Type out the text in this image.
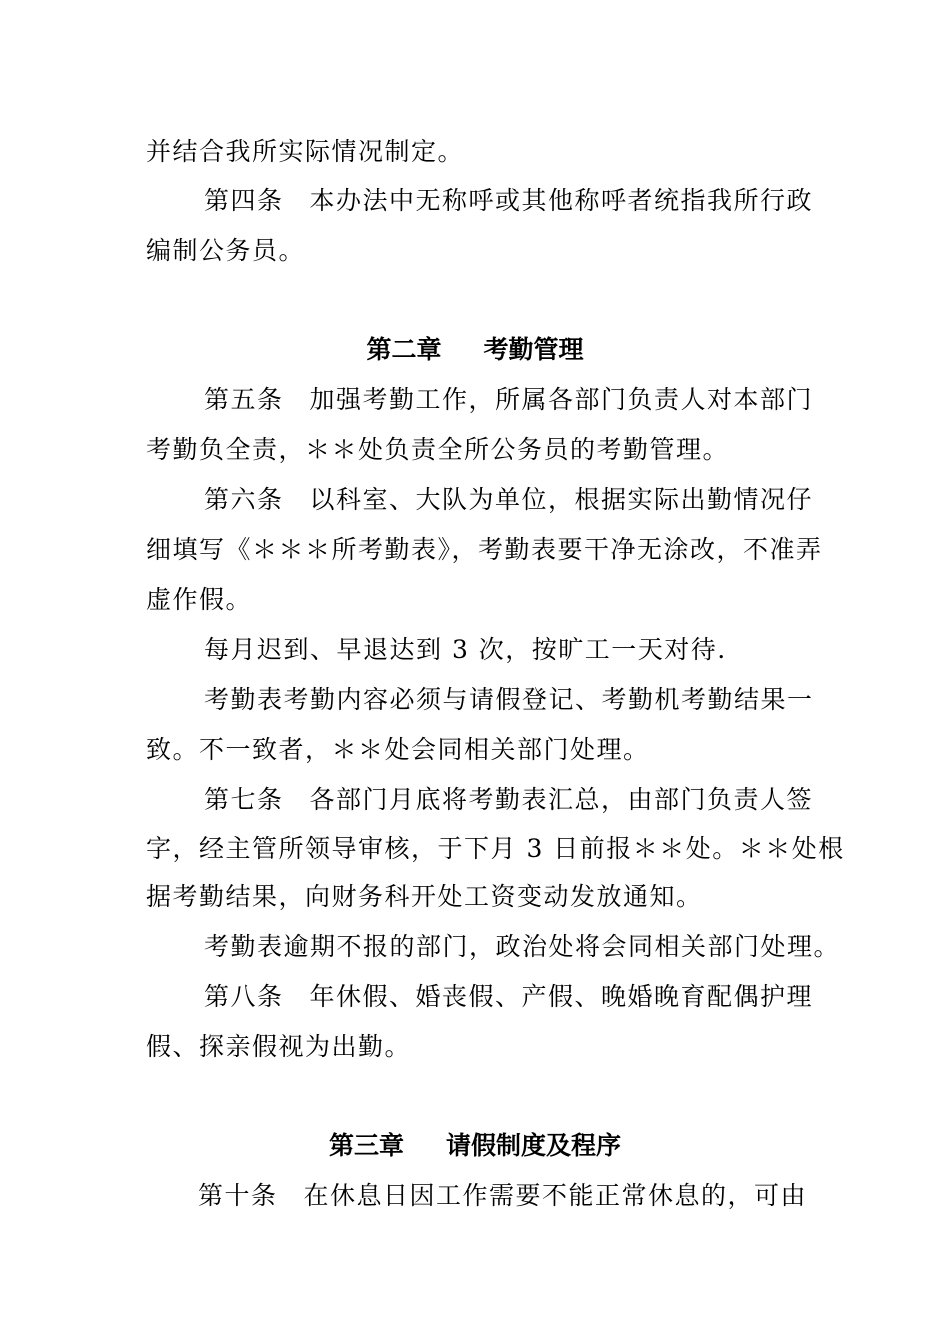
并结合我所实际情况制定。
第四条 本办法中无称呼或其他称呼者统指我所行政
编制公务员。
第二章 考勤管理
第五条 加强考勤工作，所属各部门负责人对本部门
考勤负全责，＊＊处负责全所公务员的考勤管理。
第六条 以科室、大队为单位，根据实际出勤情况仔
细填写《＊＊＊所考勤表》，考勤表要干净无涂改，不准弄
虚作假。
每月迟到、早退达到 3 次，按旷工一天对待.
考勤表考勤内容必须与请假登记、考勤机考勤结果一
致。不一致者，＊＊处会同相关部门处理。
第七条 各部门月底将考勤表汇总，由部门负责人签
字，经主管所领导审核，于下月 3 日前报＊＊处。＊＊处根
据考勤结果，向财务科开处工资变动发放通知。
考勤表逾期不报的部门，政治处将会同相关部门处理。
第八条 年休假、婚丧假、产假、晚婚晚育配偶护理
假、探亲假视为出勤。
第三章 请假制度及程序
第十条 在休息日因工作需要不能正常休息的，可由
